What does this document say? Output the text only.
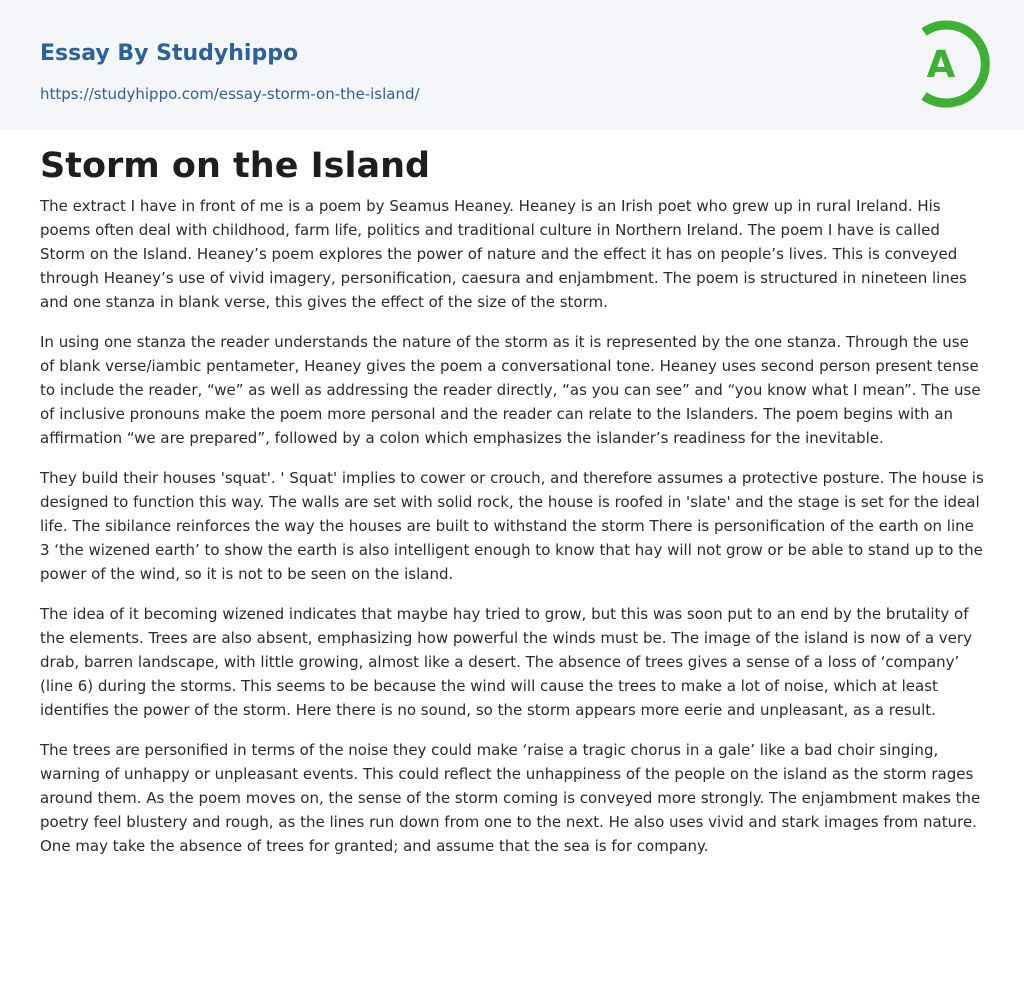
Essay By Studyhippo
https://studyhippo.com/essay-storm-on-the-island/
A
Storm on the Island

The extract I have in front of me is a poem by Seamus Heaney. Heaney is an Irish poet who grew up in rural Ireland. His poems often deal with childhood, farm life, politics and traditional culture in Northern Ireland. The poem I have is called Storm on the Island. Heaney’s poem explores the power of nature and the effect it has on people’s lives. This is conveyed through Heaney’s use of vivid imagery, personification, caesura and enjambment. The poem is structured in nineteen lines and one stanza in blank verse, this gives the effect of the size of the storm.

In using one stanza the reader understands the nature of the storm as it is represented by the one stanza. Through the use of blank verse/iambic pentameter, Heaney gives the poem a conversational tone. Heaney uses second person present tense to include the reader, “we” as well as addressing the reader directly, “as you can see” and “you know what I mean”. The use of inclusive pronouns make the poem more personal and the reader can relate to the Islanders. The poem begins with an affirmation “we are prepared”, followed by a colon which emphasizes the islander’s readiness for the inevitable.

They build their houses 'squat'. ' Squat' implies to cower or crouch, and therefore assumes a protective posture. The house is designed to function this way. The walls are set with solid rock, the house is roofed in 'slate' and the stage is set for the ideal life. The sibilance reinforces the way the houses are built to withstand the storm There is personification of the earth on line 3 ‘the wizened earth’ to show the earth is also intelligent enough to know that hay will not grow or be able to stand up to the power of the wind, so it is not to be seen on the island.

The idea of it becoming wizened indicates that maybe hay tried to grow, but this was soon put to an end by the brutality of the elements. Trees are also absent, emphasizing how powerful the winds must be. The image of the island is now of a very drab, barren landscape, with little growing, almost like a desert. The absence of trees gives a sense of a loss of ‘company’ (line 6) during the storms. This seems to be because the wind will cause the trees to make a lot of noise, which at least identifies the power of the storm. Here there is no sound, so the storm appears more eerie and unpleasant, as a result.

The trees are personified in terms of the noise they could make ‘raise a tragic chorus in a gale’ like a bad choir singing, warning of unhappy or unpleasant events. This could reflect the unhappiness of the people on the island as the storm rages around them. As the poem moves on, the sense of the storm coming is conveyed more strongly. The enjambment makes the poetry feel blustery and rough, as the lines run down from one to the next. He also uses vivid and stark images from nature. One may take the absence of trees for granted; and assume that the sea is for company.
